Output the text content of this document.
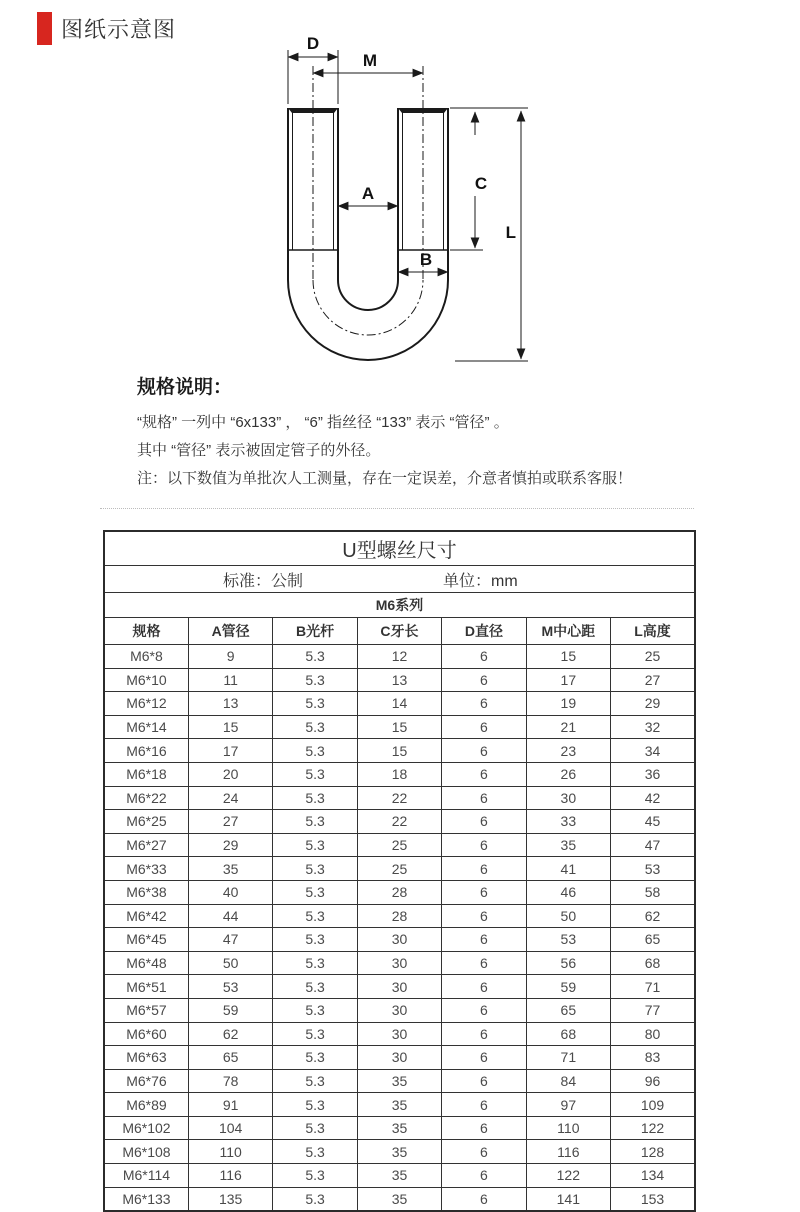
图纸示意图
D
M
A
C
B
L

规格说明：

“规格” 一列中 “6x133” ， “6” 指丝径 “133” 表示 “管径” 。

其中 “管径” 表示被固定管子的外径。

注：以下数值为单批次人工测量，存在一定误差，介意者慎拍或联系客服！

U型螺丝尺寸						

标准：公制 单位：mm						

M6系列						
规格	A管径	B光杆	C牙长	D直径	M中心距	L高度
M6*8	9	5.3	12	6	15	25
M6*10	11	5.3	13	6	17	27
M6*12	13	5.3	14	6	19	29
M6*14	15	5.3	15	6	21	32
M6*16	17	5.3	15	6	23	34
M6*18	20	5.3	18	6	26	36
M6*22	24	5.3	22	6	30	42
M6*25	27	5.3	22	6	33	45
M6*27	29	5.3	25	6	35	47
M6*33	35	5.3	25	6	41	53
M6*38	40	5.3	28	6	46	58
M6*42	44	5.3	28	6	50	62
M6*45	47	5.3	30	6	53	65
M6*48	50	5.3	30	6	56	68
M6*51	53	5.3	30	6	59	71
M6*57	59	5.3	30	6	65	77
M6*60	62	5.3	30	6	68	80
M6*63	65	5.3	30	6	71	83
M6*76	78	5.3	35	6	84	96
M6*89	91	5.3	35	6	97	109
M6*102	104	5.3	35	6	110	122
M6*108	110	5.3	35	6	116	128
M6*114	116	5.3	35	6	122	134
M6*133	135	5.3	35	6	141	153
